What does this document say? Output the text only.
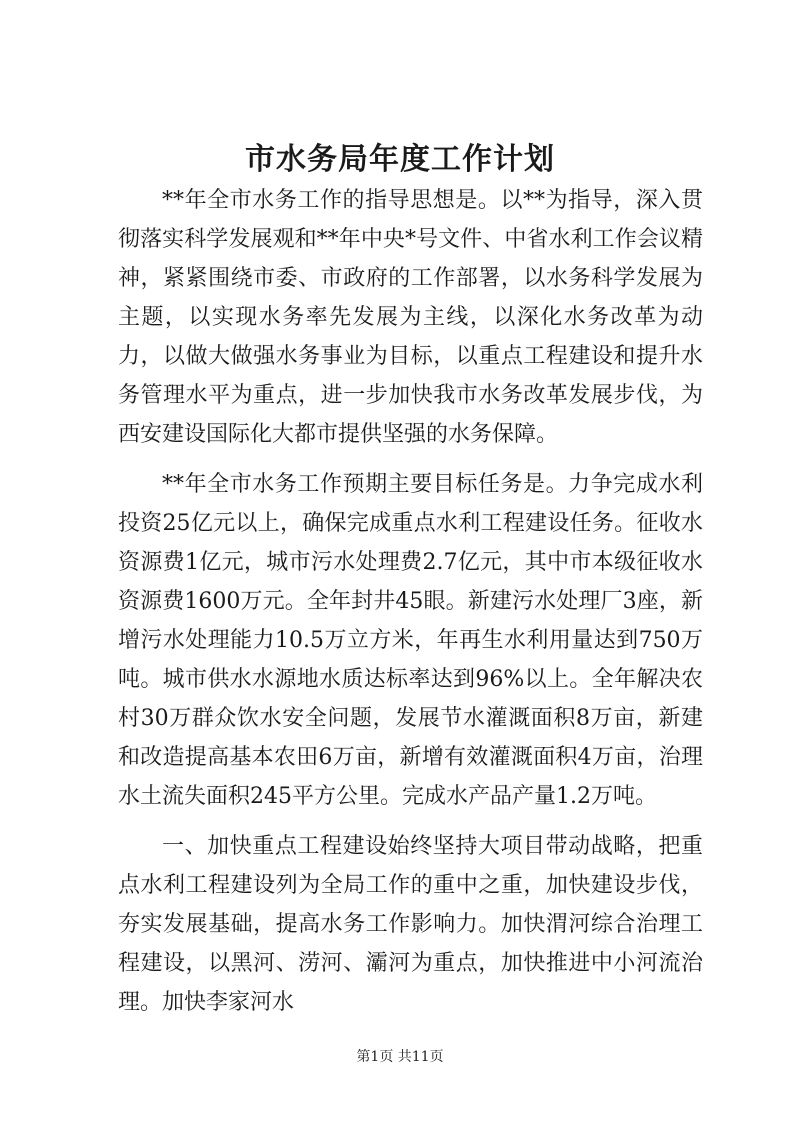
市水务局年度工作计划

**年全市水务工作的指导思想是。以**为指导，深入贯彻落实科学发展观和**年中央*号文件、中省水利工作会议精神，紧紧围绕市委、市政府的工作部署，以水务科学发展为主题，以实现水务率先发展为主线，以深化水务改革为动力，以做大做强水务事业为目标，以重点工程建设和提升水务管理水平为重点，进一步加快我市水务改革发展步伐，为西安建设国际化大都市提供坚强的水务保障。

**年全市水务工作预期主要目标任务是。力争完成水利投资25亿元以上，确保完成重点水利工程建设任务。征收水资源费1亿元，城市污水处理费2.7亿元，其中市本级征收水资源费1600万元。全年封井45眼。新建污水处理厂3座，新增污水处理能力10.5万立方米，年再生水利用量达到750万吨。城市供水水源地水质达标率达到96%以上。全年解决农村30万群众饮水安全问题，发展节水灌溉面积8万亩，新建和改造提高基本农田6万亩，新增有效灌溉面积4万亩，治理水土流失面积245平方公里。完成水产品产量1.2万吨。

一、加快重点工程建设始终坚持大项目带动战略，把重点水利工程建设列为全局工作的重中之重，加快建设步伐，夯实发展基础，提高水务工作影响力。加快渭河综合治理工程建设，以黑河、涝河、灞河为重点，加快推进中小河流治理。加快李家河水

第1页 共11页
